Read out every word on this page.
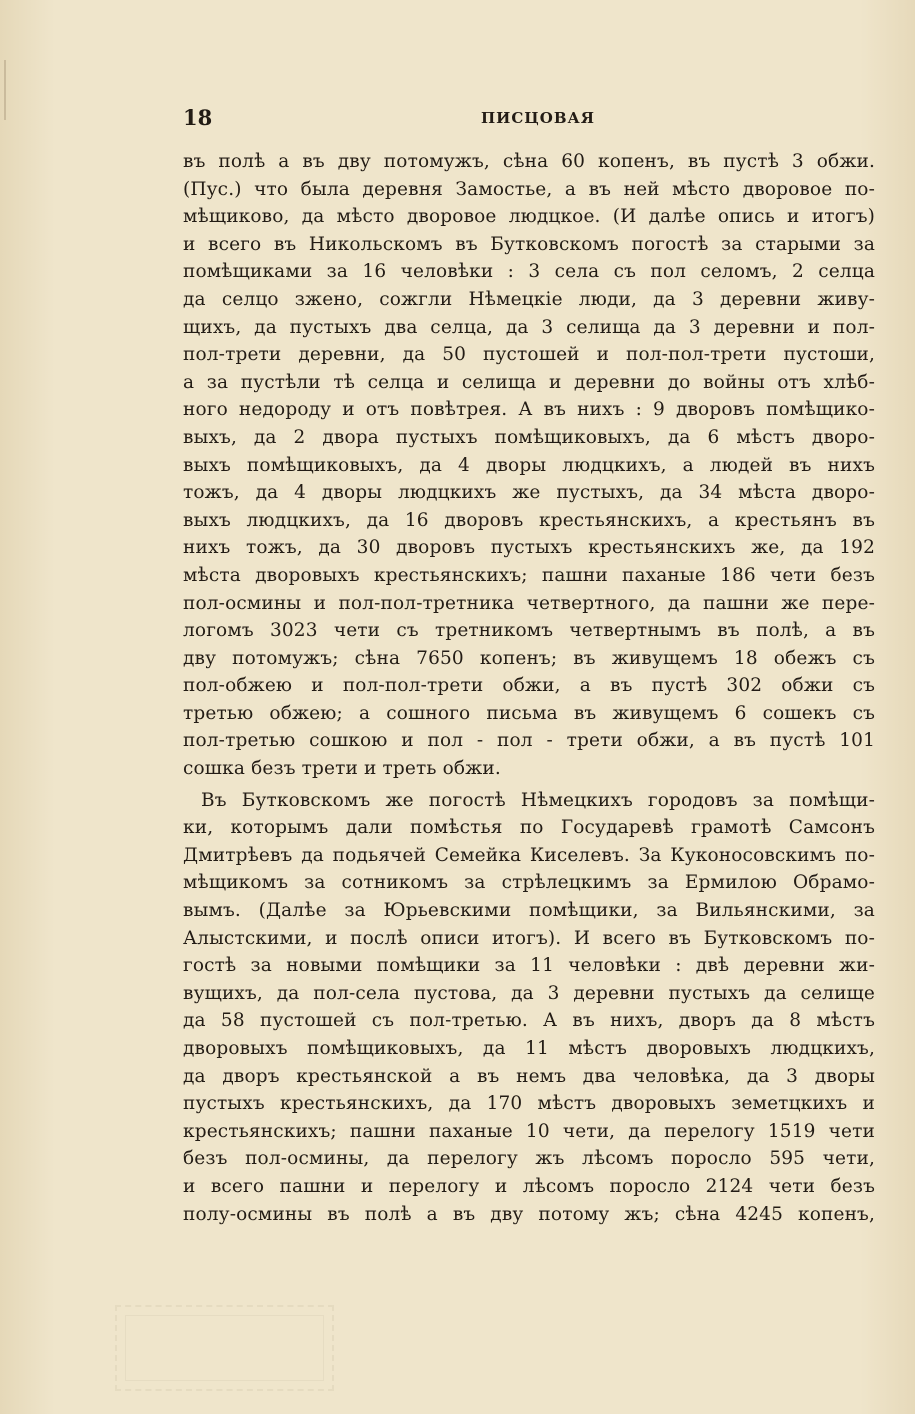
18	ПИСЦОВАЯ
въ полѣ а въ дву потомужъ, сѣна 60 копенъ, въ пустѣ 3 обжи.
(Пус.) что была деревня Замостье, а въ ней мѣсто дворовое по-
мѣщиково, да мѣсто дворовое людцкое. (И далѣе опись и итогъ)
и всего въ Никольскомъ въ Бутковскомъ погостѣ за старыми за
помѣщиками за 16 человѣки : 3 села съ пол селомъ, 2 селца
да селцо зжено, сожгли Нѣмецкіе люди, да 3 деревни живу-
щихъ, да пустыхъ два селца, да 3 селища да 3 деревни и пол-
пол-трети деревни, да 50 пустошей и пол-пол-трети пустоши,
а за пустѣли тѣ селца и селища и деревни до войны отъ хлѣб-
ного недороду и отъ повѣтрея. А въ нихъ : 9 дворовъ помѣщико-
выхъ, да 2 двора пустыхъ помѣщиковыхъ, да 6 мѣстъ дворо-
выхъ помѣщиковыхъ, да 4 дворы людцкихъ, а людей въ нихъ
тожъ, да 4 дворы людцкихъ же пустыхъ, да 34 мѣста дворо-
выхъ людцкихъ, да 16 дворовъ крестьянскихъ, а крестьянъ въ
нихъ тожъ, да 30 дворовъ пустыхъ крестьянскихъ же, да 192
мѣста дворовыхъ крестьянскихъ; пашни паханые 186 чети безъ
пол-осмины и пол-пол-третника четвертного, да пашни же пере-
логомъ 3023 чети съ третникомъ четвертнымъ въ полѣ, а въ
дву потомужъ; сѣна 7650 копенъ; въ живущемъ 18 обежъ съ
пол-обжею и пол-пол-трети обжи, а въ пустѣ 302 обжи съ
третью обжею; а сошного письма въ живущемъ 6 сошекъ съ
пол-третью сошкою и пол - пол - трети обжи, а въ пустѣ 101
сошка безъ трети и треть обжи.
Въ Бутковскомъ же погостѣ Нѣмецкихъ городовъ за помѣщи-
ки, которымъ дали помѣстья по Государевѣ грамотѣ Самсонъ
Дмитрѣевъ да подьячей Семейка Киселевъ. За Куконосовскимъ по-
мѣщикомъ за сотникомъ за стрѣлецкимъ за Ермилою Обрамо-
вымъ. (Далѣе за Юрьевскими помѣщики, за Вильянскими, за
Алыстскими, и послѣ описи итогъ). И всего въ Бутковскомъ по-
гостѣ за новыми помѣщики за 11 человѣки : двѣ деревни жи-
вущихъ, да пол-села пустова, да 3 деревни пустыхъ да селище
да 58 пустошей съ пол-третью. А въ нихъ, дворъ да 8 мѣстъ
дворовыхъ помѣщиковыхъ, да 11 мѣстъ дворовыхъ людцкихъ,
да дворъ крестьянской а въ немъ два человѣка, да 3 дворы
пустыхъ крестьянскихъ, да 170 мѣстъ дворовыхъ земетцкихъ и
крестьянскихъ; пашни паханые 10 чети, да перелогу 1519 чети
безъ пол-осмины, да перелогу жъ лѣсомъ поросло 595 чети,
и всего пашни и перелогу и лѣсомъ поросло 2124 чети безъ
полу-осмины въ полѣ а въ дву потому жъ; сѣна 4245 копенъ,
